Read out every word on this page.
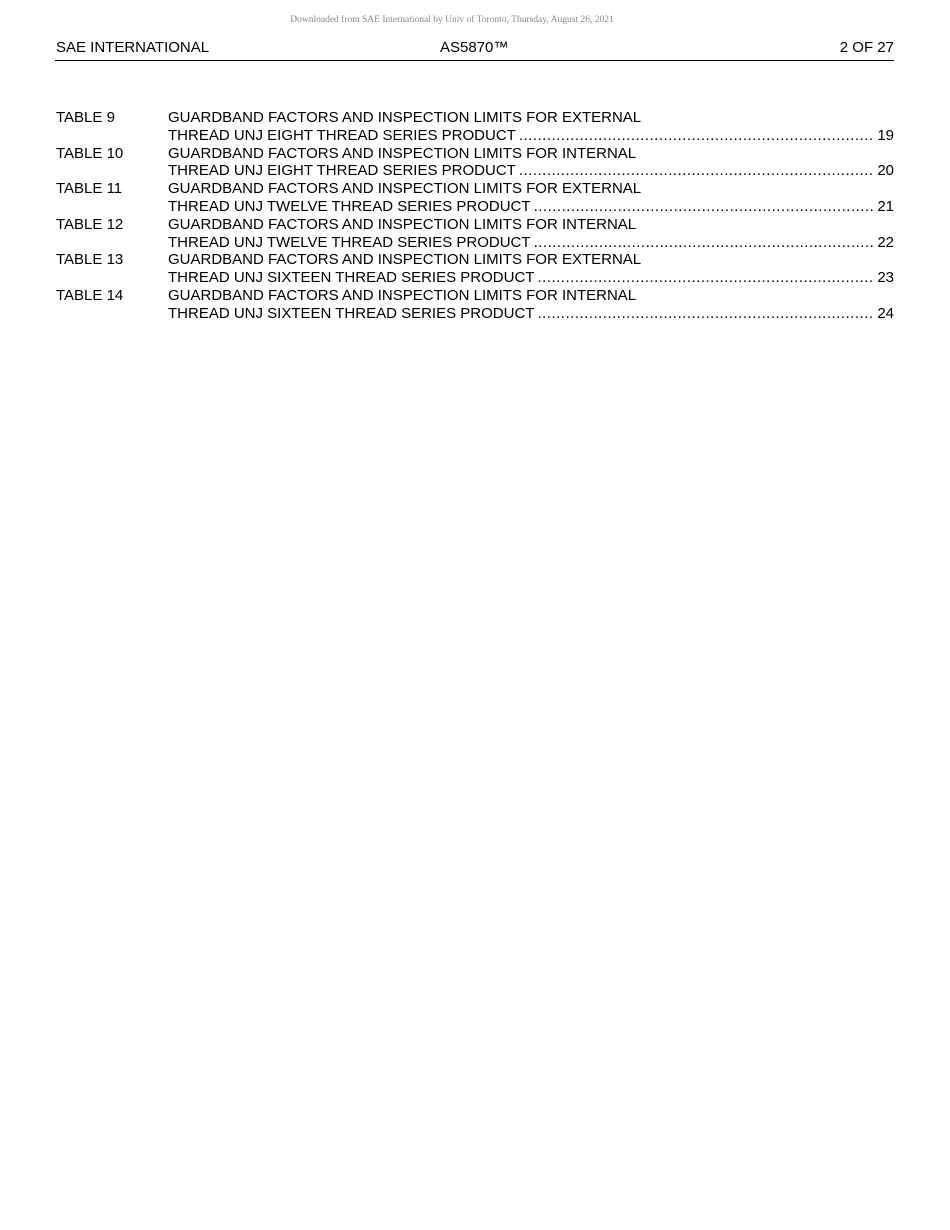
Downloaded from SAE International by Univ of Toronto, Thursday, August 26, 2021
SAE INTERNATIONAL	AS5870™	2 OF 27
TABLE 9	GUARDBAND FACTORS AND INSPECTION LIMITS FOR EXTERNAL
THREAD UNJ EIGHT THREAD SERIES PRODUCT .....	19
TABLE 10	GUARDBAND FACTORS AND INSPECTION LIMITS FOR INTERNAL
THREAD UNJ EIGHT THREAD SERIES PRODUCT .....	20
TABLE 11	GUARDBAND FACTORS AND INSPECTION LIMITS FOR EXTERNAL
THREAD UNJ TWELVE THREAD SERIES PRODUCT .....	21
TABLE 12	GUARDBAND FACTORS AND INSPECTION LIMITS FOR INTERNAL
THREAD UNJ TWELVE THREAD SERIES PRODUCT .....	22
TABLE 13	GUARDBAND FACTORS AND INSPECTION LIMITS FOR EXTERNAL
THREAD UNJ SIXTEEN THREAD SERIES PRODUCT .....	23
TABLE 14	GUARDBAND FACTORS AND INSPECTION LIMITS FOR INTERNAL
THREAD UNJ SIXTEEN THREAD SERIES PRODUCT .....	24
